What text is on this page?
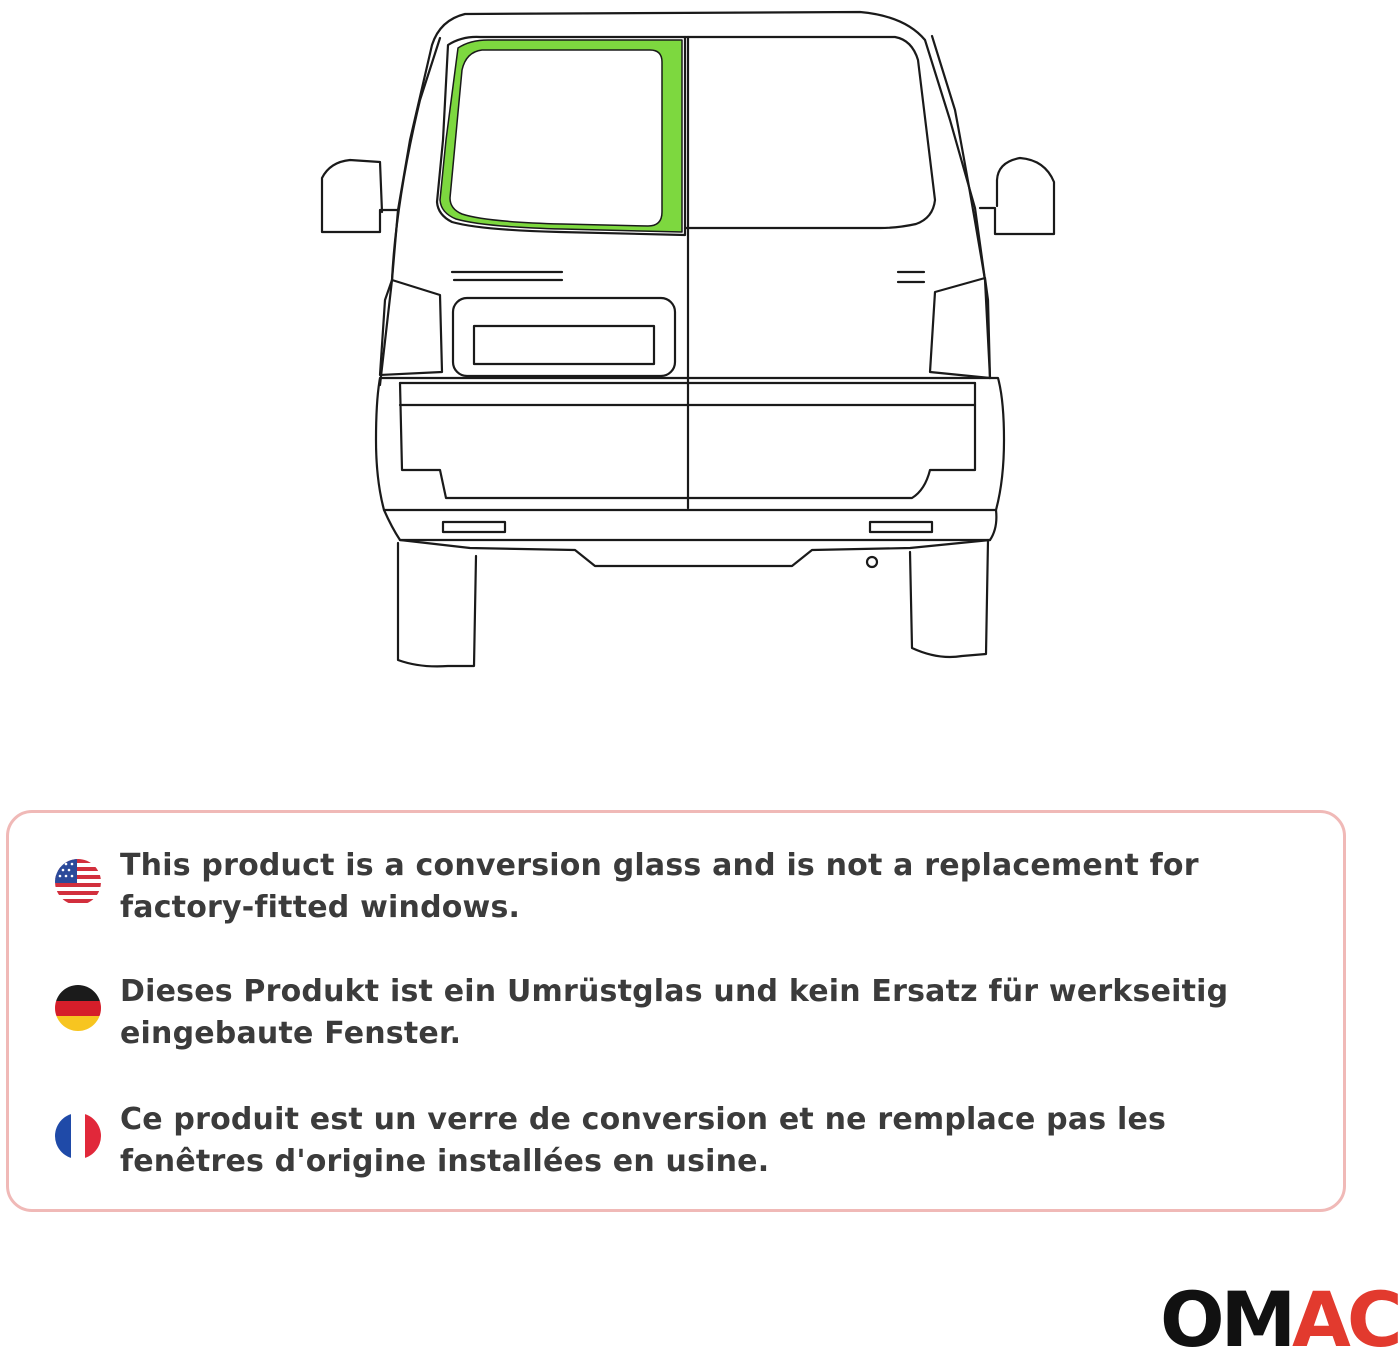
This product is a conversion glass and is not a replacement for factory-fitted windows.

Dieses Produkt ist ein Umrüstglas und kein Ersatz für werkseitig eingebaute Fenster.

Ce produit est un verre de conversion et ne remplace pas les fenêtres d'origine installées en usine.

OM AC
